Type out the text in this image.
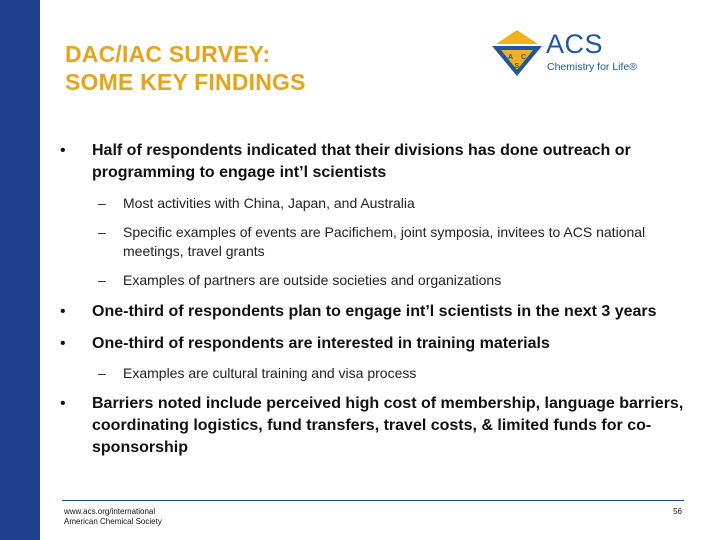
DAC/IAC SURVEY:
SOME KEY FINDINGS
A C
S
ACS
Chemistry for Life®
•	Half of respondents indicated that their divisions has done outreach or programming to engage int’l scientists
– Most activities with China, Japan, and Australia
– Specific examples of events are Pacifichem, joint symposia, invitees to ACS national meetings, travel grants
– Examples of partners are outside societies and organizations
•	One-third of respondents plan to engage int’l scientists in the next 3 years
•	One-third of respondents are interested in training materials
– Examples are cultural training and visa process
•	Barriers noted include perceived high cost of membership, language barriers, coordinating logistics, fund transfers, travel costs, & limited funds for co-sponsorship
www.acs.org/international
American Chemical Society
56
